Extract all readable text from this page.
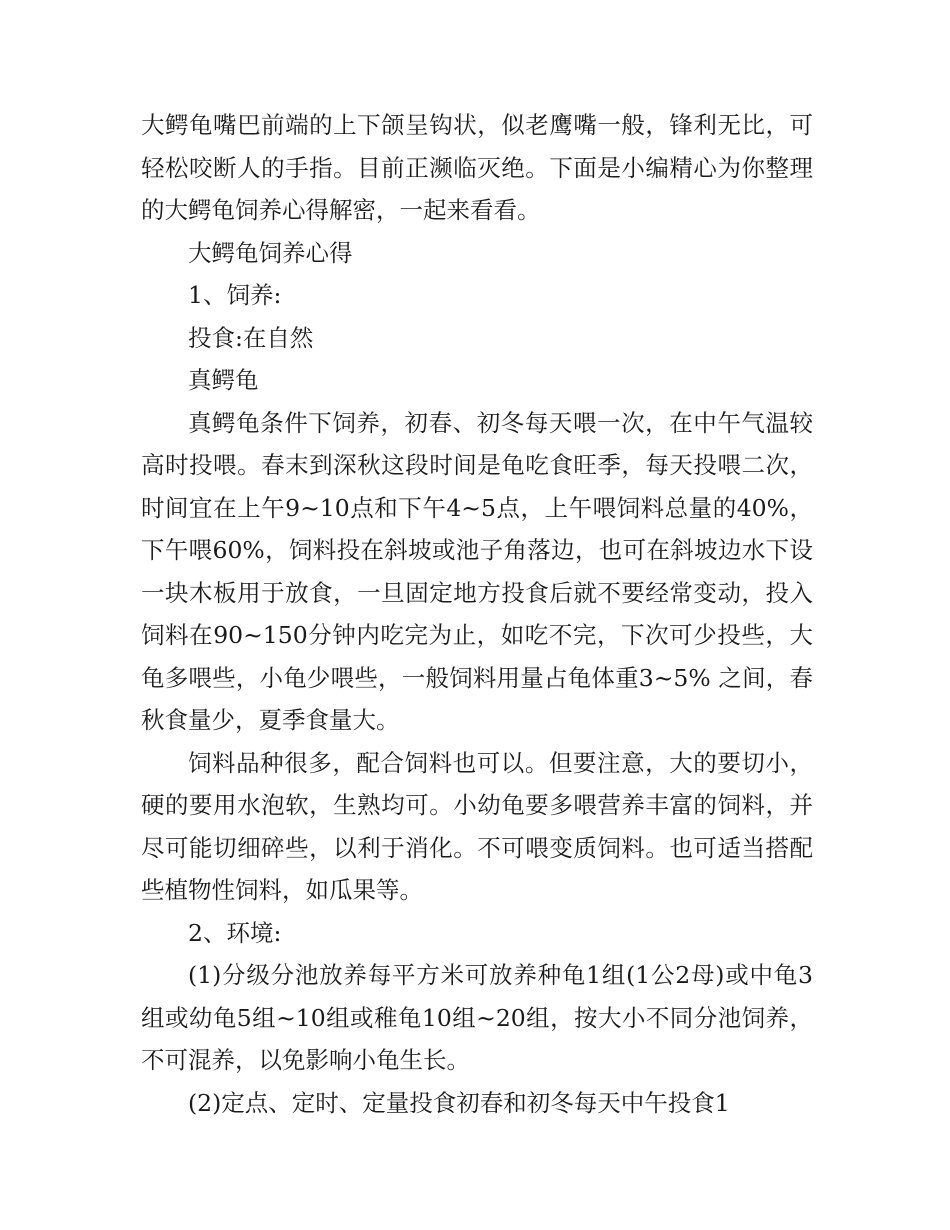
大鳄龟嘴巴前端的上下颌呈钩状，似老鹰嘴一般，锋利无比，可轻松咬断人的手指。目前正濒临灭绝。下面是小编精心为你整理的大鳄龟饲养心得解密，一起来看看。

大鳄龟饲养心得

1、饲养:

投食:在自然

真鳄龟

真鳄龟条件下饲养，初春、初冬每天喂一次，在中午气温较高时投喂。春末到深秋这段时间是龟吃食旺季，每天投喂二次，时间宜在上午9~10点和下午4~5点，上午喂饲料总量的40%，下午喂60%，饲料投在斜坡或池子角落边，也可在斜坡边水下设一块木板用于放食，一旦固定地方投食后就不要经常变动，投入饲料在90~150分钟内吃完为止，如吃不完，下次可少投些，大龟多喂些，小龟少喂些，一般饲料用量占龟体重3~5% 之间，春秋食量少，夏季食量大。

饲料品种很多，配合饲料也可以。但要注意，大的要切小，硬的要用水泡软，生熟均可。小幼龟要多喂营养丰富的饲料，并尽可能切细碎些，以利于消化。不可喂变质饲料。也可适当搭配些植物性饲料，如瓜果等。

2、环境:

(1)分级分池放养每平方米可放养种龟1组(1公2母)或中龟3组或幼龟5组~10组或稚龟10组~20组，按大小不同分池饲养，不可混养，以免影响小龟生长。

(2)定点、定时、定量投食初春和初冬每天中午投食1
